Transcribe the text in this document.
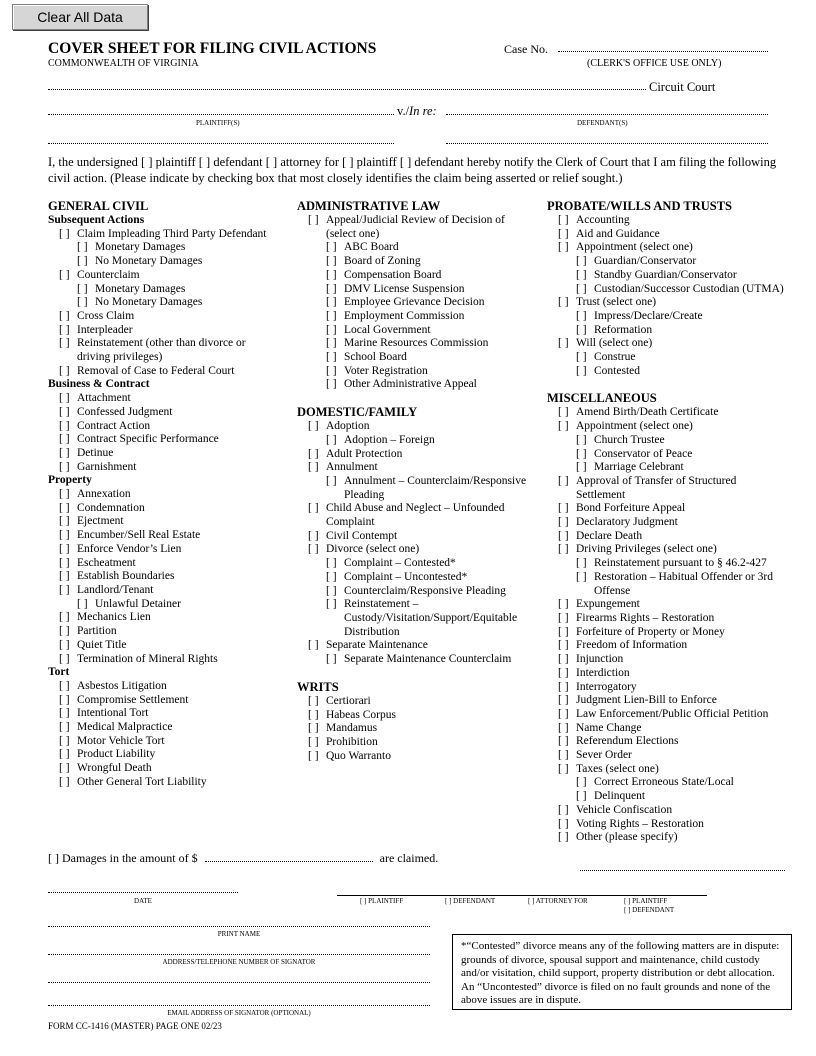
Clear All Data
COVER SHEET FOR FILING CIVIL ACTIONS
COMMONWEALTH OF VIRGINIA
Case No.
(CLERK'S OFFICE USE ONLY)
Circuit Court
v./In re:
PLAINTIFF(S)	DEFENDANT(S)
I, the undersigned [ ] plaintiff [ ] defendant [ ] attorney for [ ] plaintiff [ ] defendant hereby notify the Clerk of Court that I am filing the following civil action. (Please indicate by checking box that most closely identifies the claim being asserted or relief sought.)
GENERAL CIVIL
Subsequent Actions
[ ] Claim Impleading Third Party Defendant
[ ] Monetary Damages
[ ] No Monetary Damages
[ ] Counterclaim
[ ] Monetary Damages
[ ] No Monetary Damages
[ ] Cross Claim
[ ] Interpleader
[ ] Reinstatement (other than divorce or
driving privileges)
[ ] Removal of Case to Federal Court
Business & Contract
[ ] Attachment
[ ] Confessed Judgment
[ ] Contract Action
[ ] Contract Specific Performance
[ ] Detinue
[ ] Garnishment
Property
[ ] Annexation
[ ] Condemnation
[ ] Ejectment
[ ] Encumber/Sell Real Estate
[ ] Enforce Vendor’s Lien
[ ] Escheatment
[ ] Establish Boundaries
[ ] Landlord/Tenant
[ ] Unlawful Detainer
[ ] Mechanics Lien
[ ] Partition
[ ] Quiet Title
[ ] Termination of Mineral Rights
Tort
[ ] Asbestos Litigation
[ ] Compromise Settlement
[ ] Intentional Tort
[ ] Medical Malpractice
[ ] Motor Vehicle Tort
[ ] Product Liability
[ ] Wrongful Death
[ ] Other General Tort Liability
ADMINISTRATIVE LAW
[ ] Appeal/Judicial Review of Decision of
(select one)
[ ] ABC Board
[ ] Board of Zoning
[ ] Compensation Board
[ ] DMV License Suspension
[ ] Employee Grievance Decision
[ ] Employment Commission
[ ] Local Government
[ ] Marine Resources Commission
[ ] School Board
[ ] Voter Registration
[ ] Other Administrative Appeal
DOMESTIC/FAMILY
[ ] Adoption
[ ] Adoption – Foreign
[ ] Adult Protection
[ ] Annulment
[ ] Annulment – Counterclaim/Responsive
Pleading
[ ] Child Abuse and Neglect – Unfounded
Complaint
[ ] Civil Contempt
[ ] Divorce (select one)
[ ] Complaint – Contested*
[ ] Complaint – Uncontested*
[ ] Counterclaim/Responsive Pleading
[ ] Reinstatement –
Custody/Visitation/Support/Equitable
Distribution
[ ] Separate Maintenance
[ ] Separate Maintenance Counterclaim
WRITS
[ ] Certiorari
[ ] Habeas Corpus
[ ] Mandamus
[ ] Prohibition
[ ] Quo Warranto
PROBATE/WILLS AND TRUSTS
[ ] Accounting
[ ] Aid and Guidance
[ ] Appointment (select one)
[ ] Guardian/Conservator
[ ] Standby Guardian/Conservator
[ ] Custodian/Successor Custodian (UTMA)
[ ] Trust (select one)
[ ] Impress/Declare/Create
[ ] Reformation
[ ] Will (select one)
[ ] Construe
[ ] Contested
MISCELLANEOUS
[ ] Amend Birth/Death Certificate
[ ] Appointment (select one)
[ ] Church Trustee
[ ] Conservator of Peace
[ ] Marriage Celebrant
[ ] Approval of Transfer of Structured
Settlement
[ ] Bond Forfeiture Appeal
[ ] Declaratory Judgment
[ ] Declare Death
[ ] Driving Privileges (select one)
[ ] Reinstatement pursuant to § 46.2-427
[ ] Restoration – Habitual Offender or 3rd
Offense
[ ] Expungement
[ ] Firearms Rights – Restoration
[ ] Forfeiture of Property or Money
[ ] Freedom of Information
[ ] Injunction
[ ] Interdiction
[ ] Interrogatory
[ ] Judgment Lien-Bill to Enforce
[ ] Law Enforcement/Public Official Petition
[ ] Name Change
[ ] Referendum Elections
[ ] Sever Order
[ ] Taxes (select one)
[ ] Correct Erroneous State/Local
[ ] Delinquent
[ ] Vehicle Confiscation
[ ] Voting Rights – Restoration
[ ] Other (please specify)
[ ] Damages in the amount of $	are claimed.
DATE	[ ] PLAINTIFF	[ ] DEFENDANT	[ ] ATTORNEY FOR	[ ] PLAINTIFF
[ ] DEFENDANT
PRINT NAME
ADDRESS/TELEPHONE NUMBER OF SIGNATOR
EMAIL ADDRESS OF SIGNATOR (OPTIONAL)
*“Contested” divorce means any of the following matters are in dispute: grounds of divorce, spousal support and maintenance, child custody and/or visitation, child support, property distribution or debt allocation. An “Uncontested” divorce is filed on no fault grounds and none of the above issues are in dispute.
FORM CC-1416 (MASTER) PAGE ONE 02/23
